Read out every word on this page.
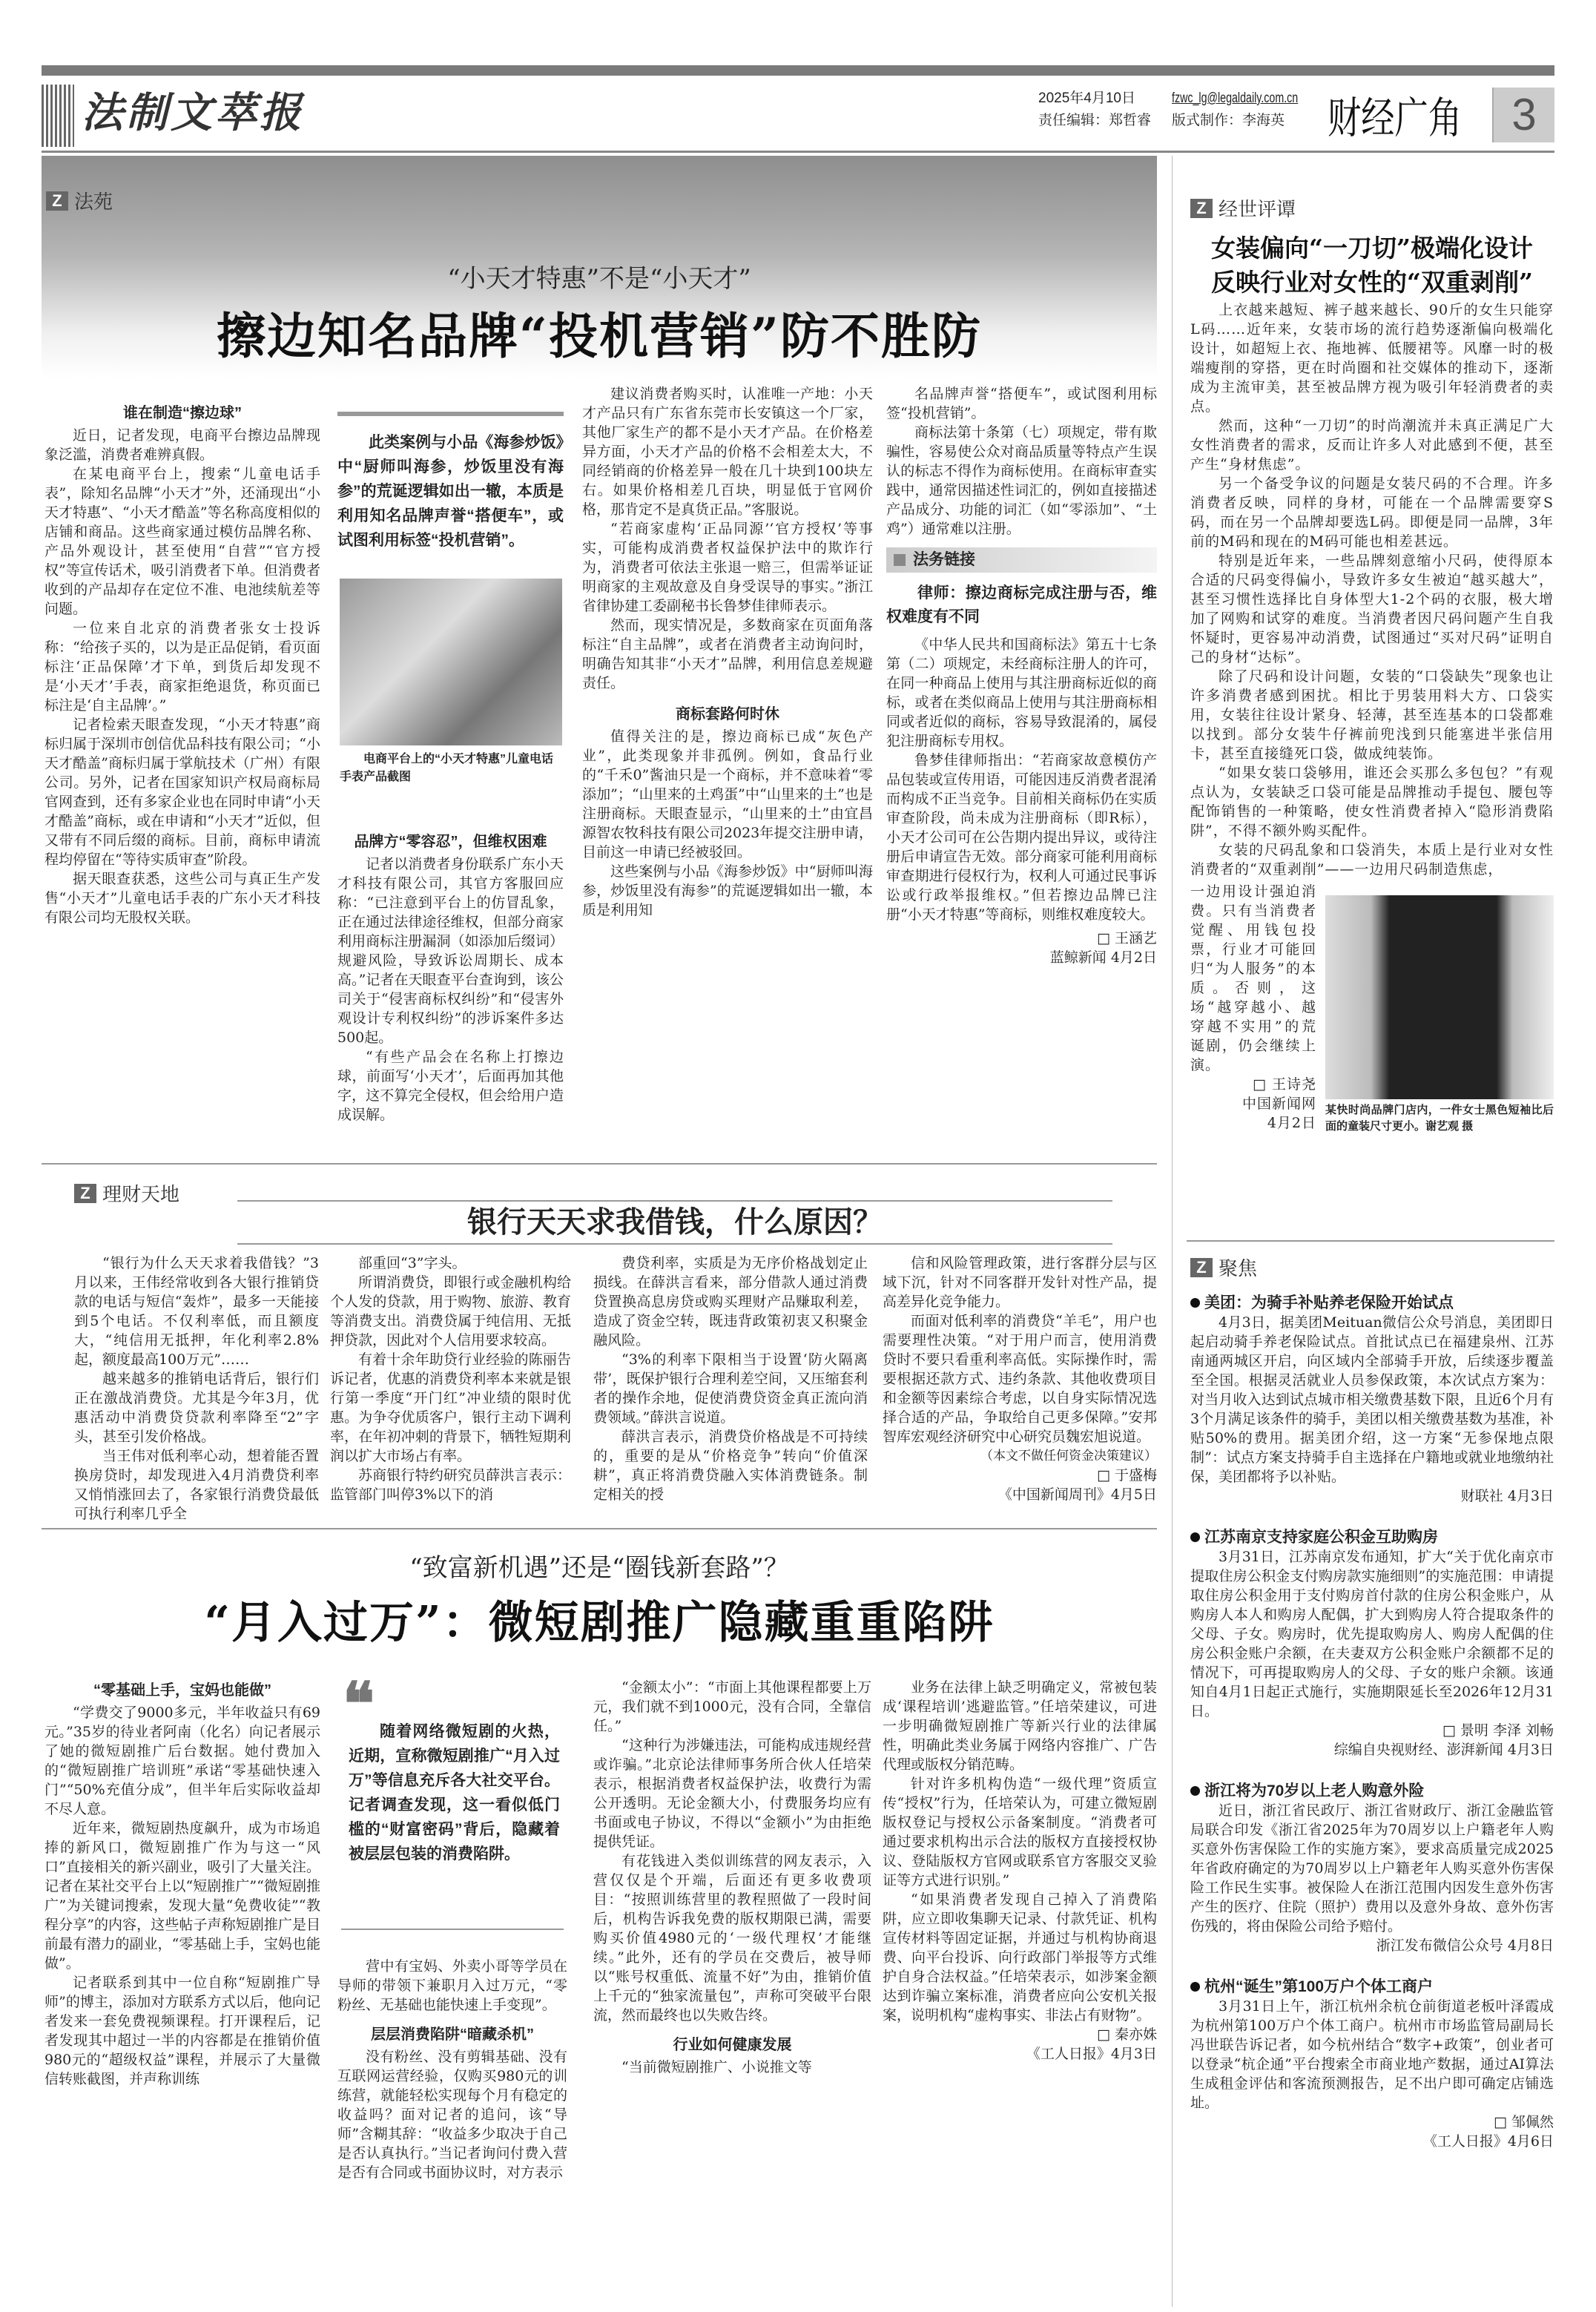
法制文萃报	2025年4月10日
责任编辑：郑哲睿
fzwc_lg@legaldaily.com.cn
版式制作：李海英 财经广角	3
Z 法苑
“小天才特惠”不是“小天才”
擦边知名品牌“投机营销”防不胜防
谁在制造“擦边球”

近日，记者发现，电商平台擦边品牌现象泛滥，消费者难辨真假。

在某电商平台上，搜索“儿童电话手表”，除知名品牌“小天才”外，还涌现出“小天才特惠”、“小天才酷盖”等名称高度相似的店铺和商品。这些商家通过模仿品牌名称、产品外观设计，甚至使用“自营”“官方授权”等宣传话术，吸引消费者下单。但消费者收到的产品却存在定位不准、电池续航差等问题。

一位来自北京的消费者张女士投诉称：“给孩子买的，以为是正品促销，看页面标注‘正品保障’才下单，到货后却发现不是‘小天才’手表，商家拒绝退货，称页面已标注是‘自主品牌’。”

记者检索天眼查发现，“小天才特惠”商标归属于深圳市创信优品科技有限公司；“小天才酷盖”商标归属于掌航技术（广州）有限公司。另外，记者在国家知识产权局商标局官网查到，还有多家企业也在同时申请“小天才酷盖”商标，或在申请和“小天才”近似，但又带有不同后缀的商标。目前，商标申请流程均停留在“等待实质审查”阶段。

据天眼查获悉，这些公司与真正生产发售“小天才”儿童电话手表的广东小天才科技有限公司均无股权关联。

此类案例与小品《海参炒饭》中“厨师叫海参，炒饭里没有海参”的荒诞逻辑如出一辙，本质是利用知名品牌声誉“搭便车”，或试图利用标签“投机营销”。
电商平台上的“小天才特惠”儿童电话手表产品截图
品牌方“零容忍”，但维权困难

记者以消费者身份联系广东小天才科技有限公司，其官方客服回应称：“已注意到平台上的仿冒乱象，正在通过法律途径维权，但部分商家利用商标注册漏洞（如添加后缀词）规避风险，导致诉讼周期长、成本高。”记者在天眼查平台查询到，该公司关于“侵害商标权纠纷”和“侵害外观设计专利权纠纷”的涉诉案件多达500起。

“有些产品会在名称上打擦边球，前面写‘小天才’，后面再加其他字，这不算完全侵权，但会给用户造成误解。

建议消费者购买时，认准唯一产地：小天才产品只有广东省东莞市长安镇这一个厂家，其他厂家生产的都不是小天才产品。在价格差异方面，小天才产品的价格不会相差太大，不同经销商的价格差异一般在几十块到100块左右。如果价格相差几百块，明显低于官网价格，那肯定不是真货正品。”客服说。

“若商家虚构‘正品同源’‘官方授权’等事实，可能构成消费者权益保护法中的欺诈行为，消费者可依法主张退一赔三，但需举证证明商家的主观故意及自身受误导的事实。”浙江省律协建工委副秘书长鲁梦佳律师表示。

然而，现实情况是，多数商家在页面角落标注“自主品牌”，或者在消费者主动询问时，明确告知其非“小天才”品牌，利用信息差规避责任。

商标套路何时休

值得关注的是，擦边商标已成“灰色产业”，此类现象并非孤例。例如，食品行业的“千禾0”酱油只是一个商标，并不意味着“零添加”；“山里来的土鸡蛋”中“山里来的土”也是注册商标。天眼查显示，“山里来的土”由宜昌源智农牧科技有限公司2023年提交注册申请，目前这一申请已经被驳回。

这些案例与小品《海参炒饭》中“厨师叫海参，炒饭里没有海参”的荒诞逻辑如出一辙，本质是利用知

名品牌声誉“搭便车”，或试图利用标签“投机营销”。

商标法第十条第（七）项规定，带有欺骗性，容易使公众对商品质量等特点产生误认的标志不得作为商标使用。在商标审查实践中，通常因描述性词汇的，例如直接描述产品成分、功能的词汇（如“零添加”、“土鸡”）通常难以注册。

法务链接
律师：擦边商标完成注册与否，维权难度有不同

《中华人民共和国商标法》第五十七条第（二）项规定，未经商标注册人的许可，在同一种商品上使用与其注册商标近似的商标，或者在类似商品上使用与其注册商标相同或者近似的商标，容易导致混淆的，属侵犯注册商标专用权。

鲁梦佳律师指出：“若商家故意模仿产品包装或宣传用语，可能因违反消费者混淆而构成不正当竞争。目前相关商标仍在实质审查阶段，尚未成为注册商标（即R标），小天才公司可在公告期内提出异议，或待注册后申请宣告无效。部分商家可能利用商标审查期进行侵权行为，权利人可通过民事诉讼或行政举报维权。”但若擦边品牌已注册“小天才特惠”等商标，则维权难度较大。

□ 王涵艺

蓝鲸新闻 4月2日

Z 经世评谭
女装偏向“一刀切”极端化设计
反映行业对女性的“双重剥削”

上衣越来越短、裤子越来越长、90斤的女生只能穿L码……近年来，女装市场的流行趋势逐渐偏向极端化设计，如超短上衣、拖地裤、低腰裙等。风靡一时的极端瘦削的穿搭，更在时尚圈和社交媒体的推动下，逐渐成为主流审美，甚至被品牌方视为吸引年轻消费者的卖点。

然而，这种“一刀切”的时尚潮流并未真正满足广大女性消费者的需求，反而让许多人对此感到不便，甚至产生“身材焦虑”。

另一个备受争议的问题是女装尺码的不合理。许多消费者反映，同样的身材，可能在一个品牌需要穿S码，而在另一个品牌却要选L码。即便是同一品牌，3年前的M码和现在的M码可能也相差甚远。

特别是近年来，一些品牌刻意缩小尺码，使得原本合适的尺码变得偏小，导致许多女生被迫“越买越大”，甚至习惯性选择比自身体型大1-2个码的衣服，极大增加了网购和试穿的难度。当消费者因尺码问题产生自我怀疑时，更容易冲动消费，试图通过“买对尺码”证明自己的身材“达标”。

除了尺码和设计问题，女装的“口袋缺失”现象也让许多消费者感到困扰。相比于男装用料大方、口袋实用，女装往往设计紧身、轻薄，甚至连基本的口袋都难以找到。部分女装牛仔裤前兜浅到只能塞进半张信用卡，甚至直接缝死口袋，做成纯装饰。

“如果女装口袋够用，谁还会买那么多包包？”有观点认为，女装缺乏口袋可能是品牌推动手提包、腰包等配饰销售的一种策略，使女性消费者掉入“隐形消费陷阱”，不得不额外购买配件。

女装的尺码乱象和口袋消失，本质上是行业对女性消费者的“双重剥削”——一边用尺码制造焦虑，

一边用设计强迫消费。只有当消费者觉醒、用钱包投票，行业才可能回归“为人服务”的本质。否则，这场“越穿越小、越穿越不实用”的荒诞剧，仍会继续上演。

□ 王诗尧

中国新闻网

4月2日

某快时尚品牌门店内，一件女士黑色短袖比后面的童装尺寸更小。谢艺观 摄
Z 理财天地
银行天天求我借钱，什么原因？

“银行为什么天天求着我借钱？”3月以来，王伟经常收到各大银行推销贷款的电话与短信“轰炸”，最多一天能接到5个电话。不仅利率低，而且额度大，“纯信用无抵押，年化利率2.8%起，额度最高100万元”……

越来越多的推销电话背后，银行们正在激战消费贷。尤其是今年3月，优惠活动中消费贷贷款利率降至“2”字头，甚至引发价格战。

当王伟对低利率心动，想着能否置换房贷时，却发现进入4月消费贷利率又悄悄涨回去了，各家银行消费贷最低可执行利率几乎全

部重回“3”字头。

所谓消费贷，即银行或金融机构给个人发的贷款，用于购物、旅游、教育等消费支出。消费贷属于纯信用、无抵押贷款，因此对个人信用要求较高。

有着十余年助贷行业经验的陈丽告诉记者，优惠的消费贷利率本来就是银行第一季度“开门红”冲业绩的限时优惠。为争夺优质客户，银行主动下调利率，在年初冲刺的背景下，牺牲短期利润以扩大市场占有率。

苏商银行特约研究员薛洪言表示：监管部门叫停3%以下的消

费贷利率，实质是为无序价格战划定止损线。在薛洪言看来，部分借款人通过消费贷置换高息房贷或购买理财产品赚取利差，造成了资金空转，既违背政策初衷又积聚金融风险。

“3%的利率下限相当于设置‘防火隔离带’，既保护银行合理利差空间，又压缩套利者的操作余地，促使消费贷资金真正流向消费领域。”薛洪言说道。

薛洪言表示，消费贷价格战是不可持续的，重要的是从“价格竞争”转向“价值深耕”，真正将消费贷融入实体消费链条。制定相关的授

信和风险管理政策，进行客群分层与区域下沉，针对不同客群开发针对性产品，提高差异化竞争能力。

而面对低利率的消费贷“羊毛”，用户也需要理性决策。“对于用户而言，使用消费贷时不要只看重利率高低。实际操作时，需要根据还款方式、违约条款、其他收费项目和金额等因素综合考虑，以自身实际情况选择合适的产品，争取给自己更多保障。”安邦智库宏观经济研究中心研究员魏宏旭说道。

（本文不做任何资金决策建议）

□ 于盛梅

《中国新闻周刊》4月5日

“致富新机遇”还是“圈钱新套路”？
“月入过万”：微短剧推广隐藏重重陷阱
“零基础上手，宝妈也能做”

“学费交了9000多元，半年收益只有69元。”35岁的待业者阿南（化名）向记者展示了她的微短剧推广后台数据。她付费加入的“微短剧推广培训班”承诺“零基础快速入门”“50%充值分成”，但半年后实际收益却不尽人意。

近年来，微短剧热度飙升，成为市场追捧的新风口，微短剧推广作为与这一“风口”直接相关的新兴副业，吸引了大量关注。记者在某社交平台上以“短剧推广”“微短剧推广”为关键词搜索，发现大量“免费收徒”“教程分享”的内容，这些帖子声称短剧推广是目前最有潜力的副业，“零基础上手，宝妈也能做”。

记者联系到其中一位自称“短剧推广导师”的博主，添加对方联系方式以后，他向记者发来一套免费视频课程。打开课程后，记者发现其中超过一半的内容都是在推销价值980元的“超级权益”课程，并展示了大量微信转账截图，并声称训练

❝ 随着网络微短剧的火热，近期，宣称微短剧推广“月入过万”等信息充斥各大社交平台。记者调查发现，这一看似低门槛的“财富密码”背后，隐藏着被层层包装的消费陷阱。

营中有宝妈、外卖小哥等学员在导师的带领下兼职月入过万元，“零粉丝、无基础也能快速上手变现”。

层层消费陷阱“暗藏杀机”

没有粉丝、没有剪辑基础、没有互联网运营经验，仅购买980元的训练营，就能轻松实现每个月有稳定的收益吗？面对记者的追问，该“导师”含糊其辞：“收益多少取决于自己是否认真执行。”当记者询问付费入营是否有合同或书面协议时，对方表示

“金额太小”：“市面上其他课程都要上万元，我们就不到1000元，没有合同，全靠信任。”

“这种行为涉嫌违法，可能构成违规经营或诈骗。”北京论法律师事务所合伙人任培荣表示，根据消费者权益保护法，收费行为需公开透明。无论金额大小，付费服务均应有书面或电子协议，不得以“金额小”为由拒绝提供凭证。

有花钱进入类似训练营的网友表示，入营仅仅是个开端，后面还有更多收费项目：“按照训练营里的教程照做了一段时间后，机构告诉我免费的版权期限已满，需要购买价值4980元的‘一级代理权’才能继续。”此外，还有的学员在交费后，被导师以“账号权重低、流量不好”为由，推销价值上千元的“独家流量包”，声称可突破平台限流，然而最终也以失败告终。

行业如何健康发展

“当前微短剧推广、小说推文等

业务在法律上缺乏明确定义，常被包装成‘课程培训’逃避监管。”任培荣建议，可进一步明确微短剧推广等新兴行业的法律属性，明确此类业务属于网络内容推广、广告代理或版权分销范畴。

针对许多机构伪造“一级代理”资质宣传“授权”行为，任培荣认为，可建立微短剧版权登记与授权公示备案制度。“消费者可通过要求机构出示合法的版权方直接授权协议、登陆版权方官网或联系官方客服交叉验证等方式进行识别。”

“如果消费者发现自己掉入了消费陷阱，应立即收集聊天记录、付款凭证、机构宣传材料等固定证据，并通过与机构协商退费、向平台投诉、向行政部门举报等方式维护自身合法权益。”任培荣表示，如涉案金额达到诈骗立案标准，消费者应向公安机关报案，说明机构“虚构事实、非法占有财物”。

□ 秦亦姝

《工人日报》4月3日

Z 聚焦

美团：为骑手补贴养老保险开始试点

4月3日，据美团Meituan微信公众号消息，美团即日起启动骑手养老保险试点。首批试点已在福建泉州、江苏南通两城区开启，向区域内全部骑手开放，后续逐步覆盖至全国。根据灵活就业人员参保政策，本次试点方案为：对当月收入达到试点城市相关缴费基数下限，且近6个月有3个月满足该条件的骑手，美团以相关缴费基数为基准，补贴50%的费用。据美团介绍，这一方案“无参保地点限制”：试点方案支持骑手自主选择在户籍地或就业地缴纳社保，美团都将予以补贴。

财联社 4月3日

江苏南京支持家庭公积金互助购房

3月31日，江苏南京发布通知，扩大“关于优化南京市提取住房公积金支付购房款实施细则”的实施范围：申请提取住房公积金用于支付购房首付款的住房公积金账户，从购房人本人和购房人配偶，扩大到购房人符合提取条件的父母、子女。购房时，优先提取购房人、购房人配偶的住房公积金账户余额，在夫妻双方公积金账户余额都不足的情况下，可再提取购房人的父母、子女的账户余额。该通知自4月1日起正式施行，实施期限延长至2026年12月31日。

□ 景明 李泽 刘畅

综编自央视财经、澎湃新闻 4月3日

浙江将为70岁以上老人购意外险

近日，浙江省民政厅、浙江省财政厅、浙江金融监管局联合印发《浙江省2025年为70周岁以上户籍老年人购买意外伤害保险工作的实施方案》，要求高质量完成2025年省政府确定的为70周岁以上户籍老年人购买意外伤害保险工作民生实事。被保险人在浙江范围内因发生意外伤害产生的医疗、住院（照护）费用以及意外身故、意外伤害伤残的，将由保险公司给予赔付。

浙江发布微信公众号 4月8日

杭州“诞生”第100万户个体工商户

3月31日上午，浙江杭州余杭仓前街道老板叶泽霞成为杭州第100万户个体工商户。杭州市市场监管局副局长冯世联告诉记者，如今杭州结合“数字+政策”，创业者可以登录“杭企通”平台搜索全市商业地产数据，通过AI算法生成租金评估和客流预测报告，足不出户即可确定店铺选址。

□ 邹佩然

《工人日报》4月6日
